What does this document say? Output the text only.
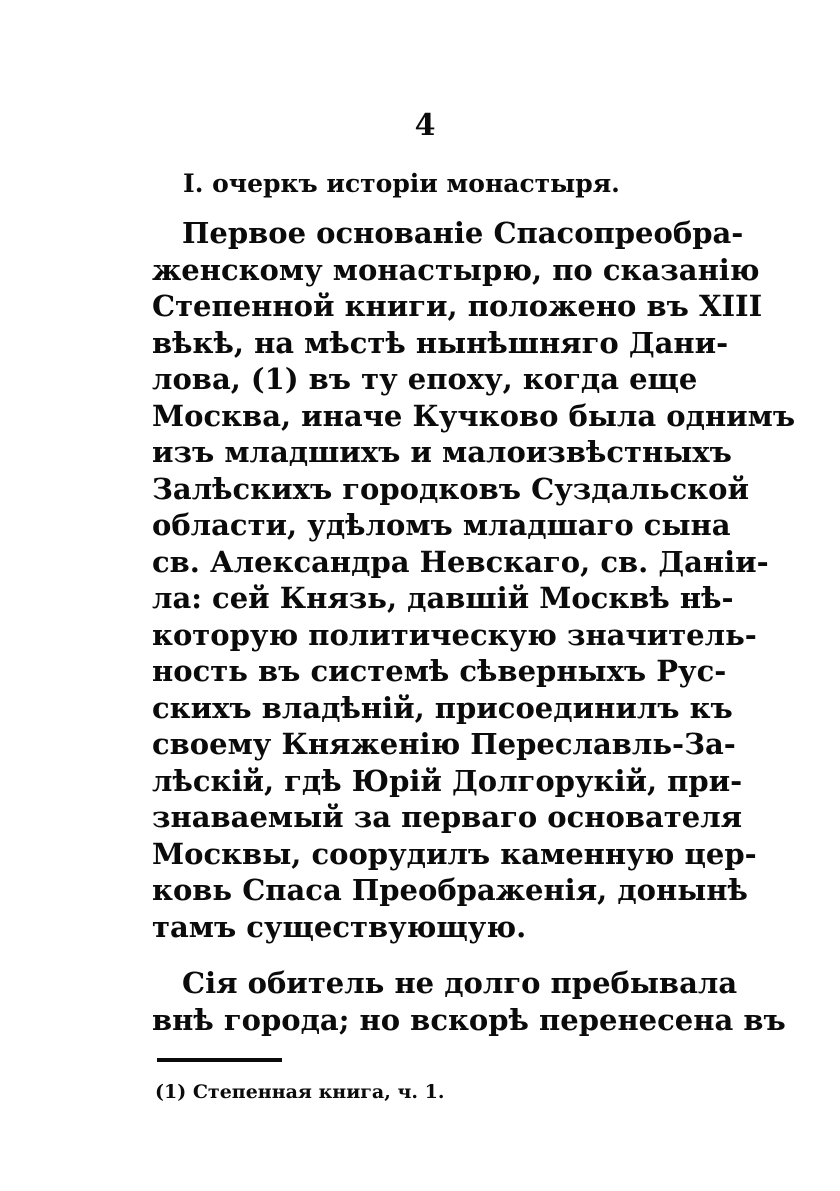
4
I. очеркъ исторіи монастыря.
Первое основаніе Спасопреобра-
женскому монастырю, по сказанію
Степенной книги, положено въ XIII
вѣкѣ, на мѣстѣ нынѣшняго Дани-
лова, (1) въ ту епоху, когда еще
Москва, иначе Кучково была однимъ
изъ младшихъ и малоизвѣстныхъ
Залѣскихъ городковъ Суздальской
области, удѣломъ младшаго сына
св. Александра Невскаго, св. Даніи-
ла: сей Князь, давшій Москвѣ нѣ-
которую политическую значитель-
ность въ системѣ сѣверныхъ Рус-
скихъ владѣній, присоединилъ къ
своему Княженію Переславль-За-
лѣскій, гдѣ Юрій Долгорукій, при-
знаваемый за перваго основателя
Москвы, соорудилъ каменную цер-
ковь Спаса Преображенія, донынѣ
тамъ существующую.
Сія обитель не долго пребывала
внѣ города; но вскорѣ перенесена въ
(1) Степенная книга, ч. 1.
